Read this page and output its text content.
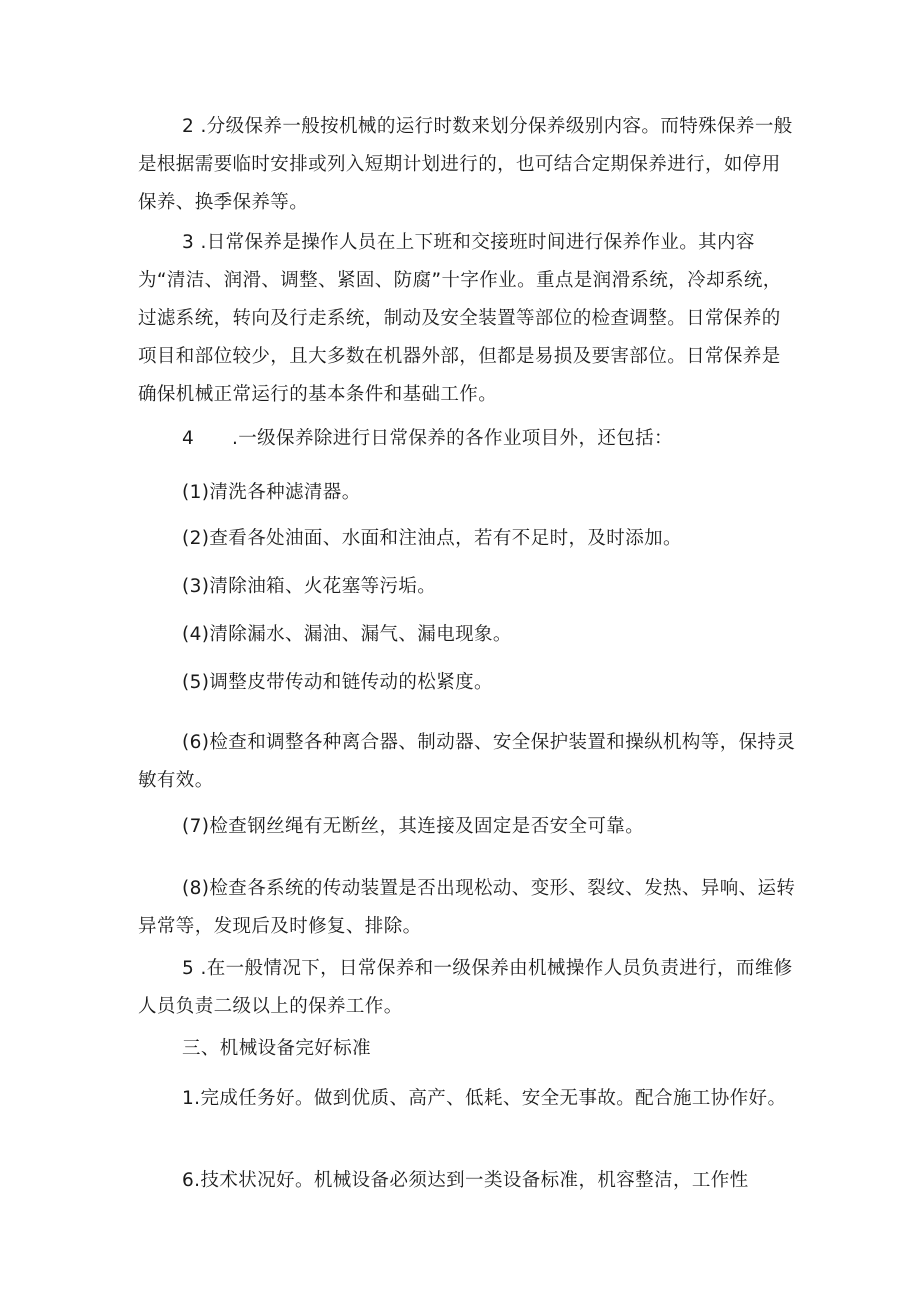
2 .分级保养一般按机械的运行时数来划分保养级别内容。而特殊保养一般是根据需要临时安排或列入短期计划进行的，也可结合定期保养进行，如停用保养、换季保养等。

3 .日常保养是操作人员在上下班和交接班时间进行保养作业。其内容为“清洁、润滑、调整、紧固、防腐”十字作业。重点是润滑系统，冷却系统，过滤系统，转向及行走系统，制动及安全装置等部位的检查调整。日常保养的项目和部位较少，且大多数在机器外部，但都是易损及要害部位。日常保养是确保机械正常运行的基本条件和基础工作。

4　　.一级保养除进行日常保养的各作业项目外，还包括：

(1)清洗各种滤清器。

(2)查看各处油面、水面和注油点，若有不足时，及时添加。

(3)清除油箱、火花塞等污垢。

(4)清除漏水、漏油、漏气、漏电现象。

(5)调整皮带传动和链传动的松紧度。

(6)检查和调整各种离合器、制动器、安全保护装置和操纵机构等，保持灵敏有效。

(7)检查钢丝绳有无断丝，其连接及固定是否安全可靠。

(8)检查各系统的传动装置是否出现松动、变形、裂纹、发热、异响、运转异常等，发现后及时修复、排除。

5 .在一般情况下，日常保养和一级保养由机械操作人员负责进行，而维修人员负责二级以上的保养工作。

三、机械设备完好标准

1.完成任务好。做到优质、高产、低耗、安全无事故。配合施工协作好。

6.技术状况好。机械设备必须达到一类设备标准，机容整洁，工作性
